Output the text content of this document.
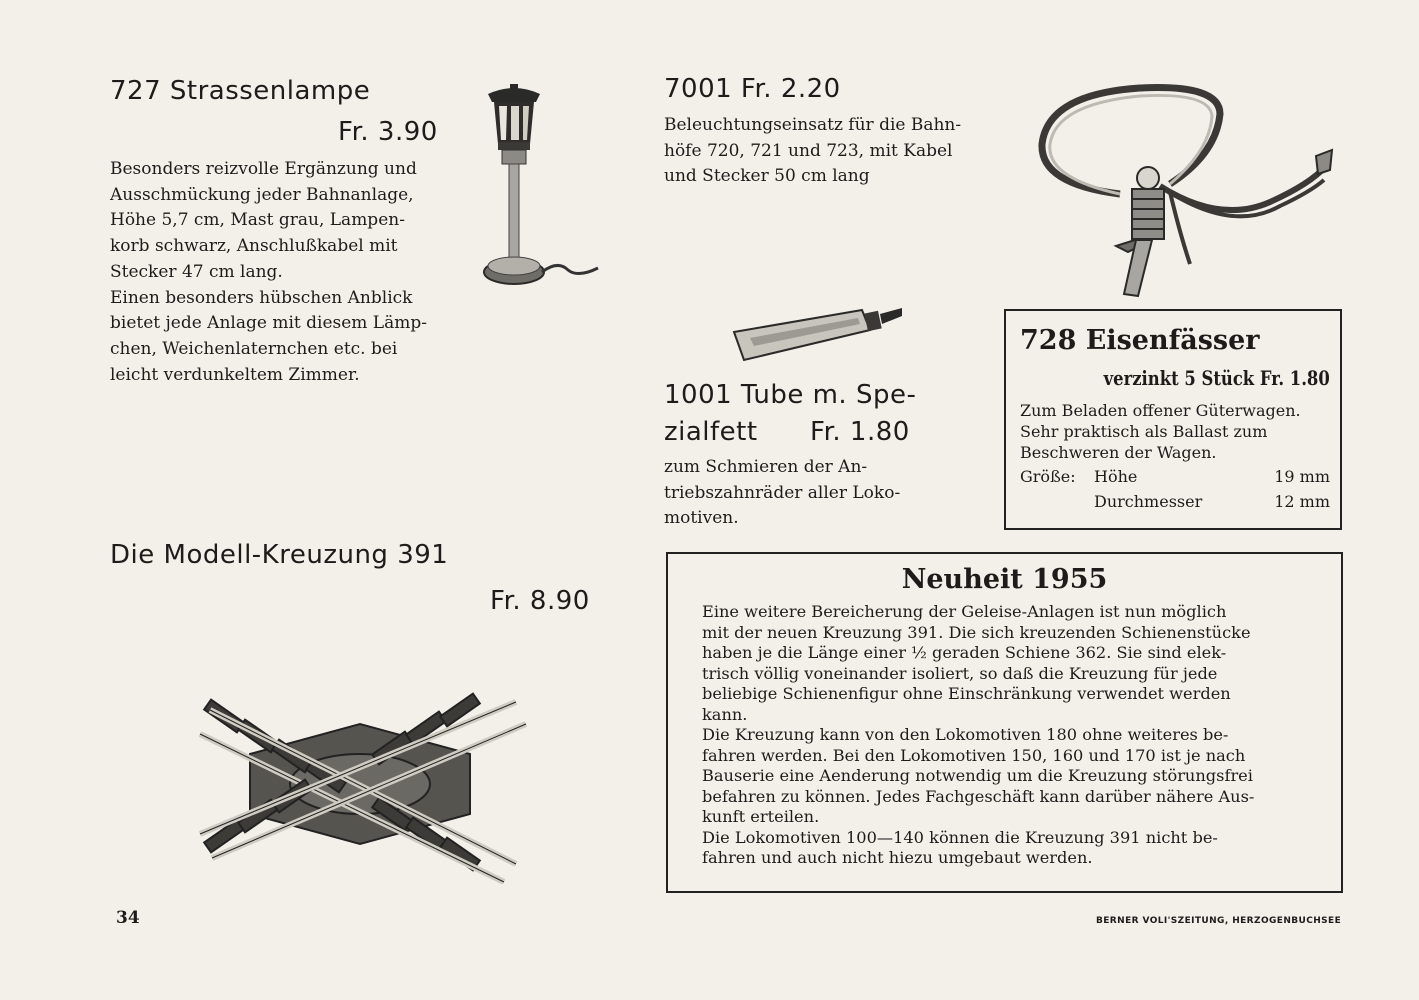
727 Strassenlampe
Fr. 3.90
Besonders reizvolle Ergänzung und
Ausschmückung jeder Bahnanlage,
Höhe 5,7 cm, Mast grau, Lampen-
korb schwarz, Anschlußkabel mit
Stecker 47 cm lang.
Einen besonders hübschen Anblick
bietet jede Anlage mit diesem Lämp-
chen, Weichenlaternchen etc. bei
leicht verdunkeltem Zimmer.
7001 Fr. 2.20
Beleuchtungseinsatz für die Bahn-
höfe 720, 721 und 723, mit Kabel
und Stecker 50 cm lang
1001 Tube m. Spe-
zialfett Fr. 1.80
zum Schmieren der An-
triebszahnräder aller Loko-
motiven.
728 Eisenfässer
verzinkt 5 Stück Fr. 1.80
Zum Beladen offener Güterwagen.
Sehr praktisch als Ballast zum
Beschweren der Wagen.
Größe: Höhe	19 mm
Durchmesser	12 mm
Die Modell-Kreuzung 391
Fr. 8.90
Neuheit 1955
Eine weitere Bereicherung der Geleise-Anlagen ist nun möglich
mit der neuen Kreuzung 391. Die sich kreuzenden Schienenstücke
haben je die Länge einer ½ geraden Schiene 362. Sie sind elek-
trisch völlig voneinander isoliert, so daß die Kreuzung für jede
beliebige Schienenfigur ohne Einschränkung verwendet werden
kann.
Die Kreuzung kann von den Lokomotiven 180 ohne weiteres be-
fahren werden. Bei den Lokomotiven 150, 160 und 170 ist je nach
Bauserie eine Aenderung notwendig um die Kreuzung störungsfrei
befahren zu können. Jedes Fachgeschäft kann darüber nähere Aus-
kunft erteilen.
Die Lokomotiven 100—140 können die Kreuzung 391 nicht be-
fahren und auch nicht hiezu umgebaut werden.
34	BERNER VOLI'SZEITUNG, HERZOGENBUCHSEE
